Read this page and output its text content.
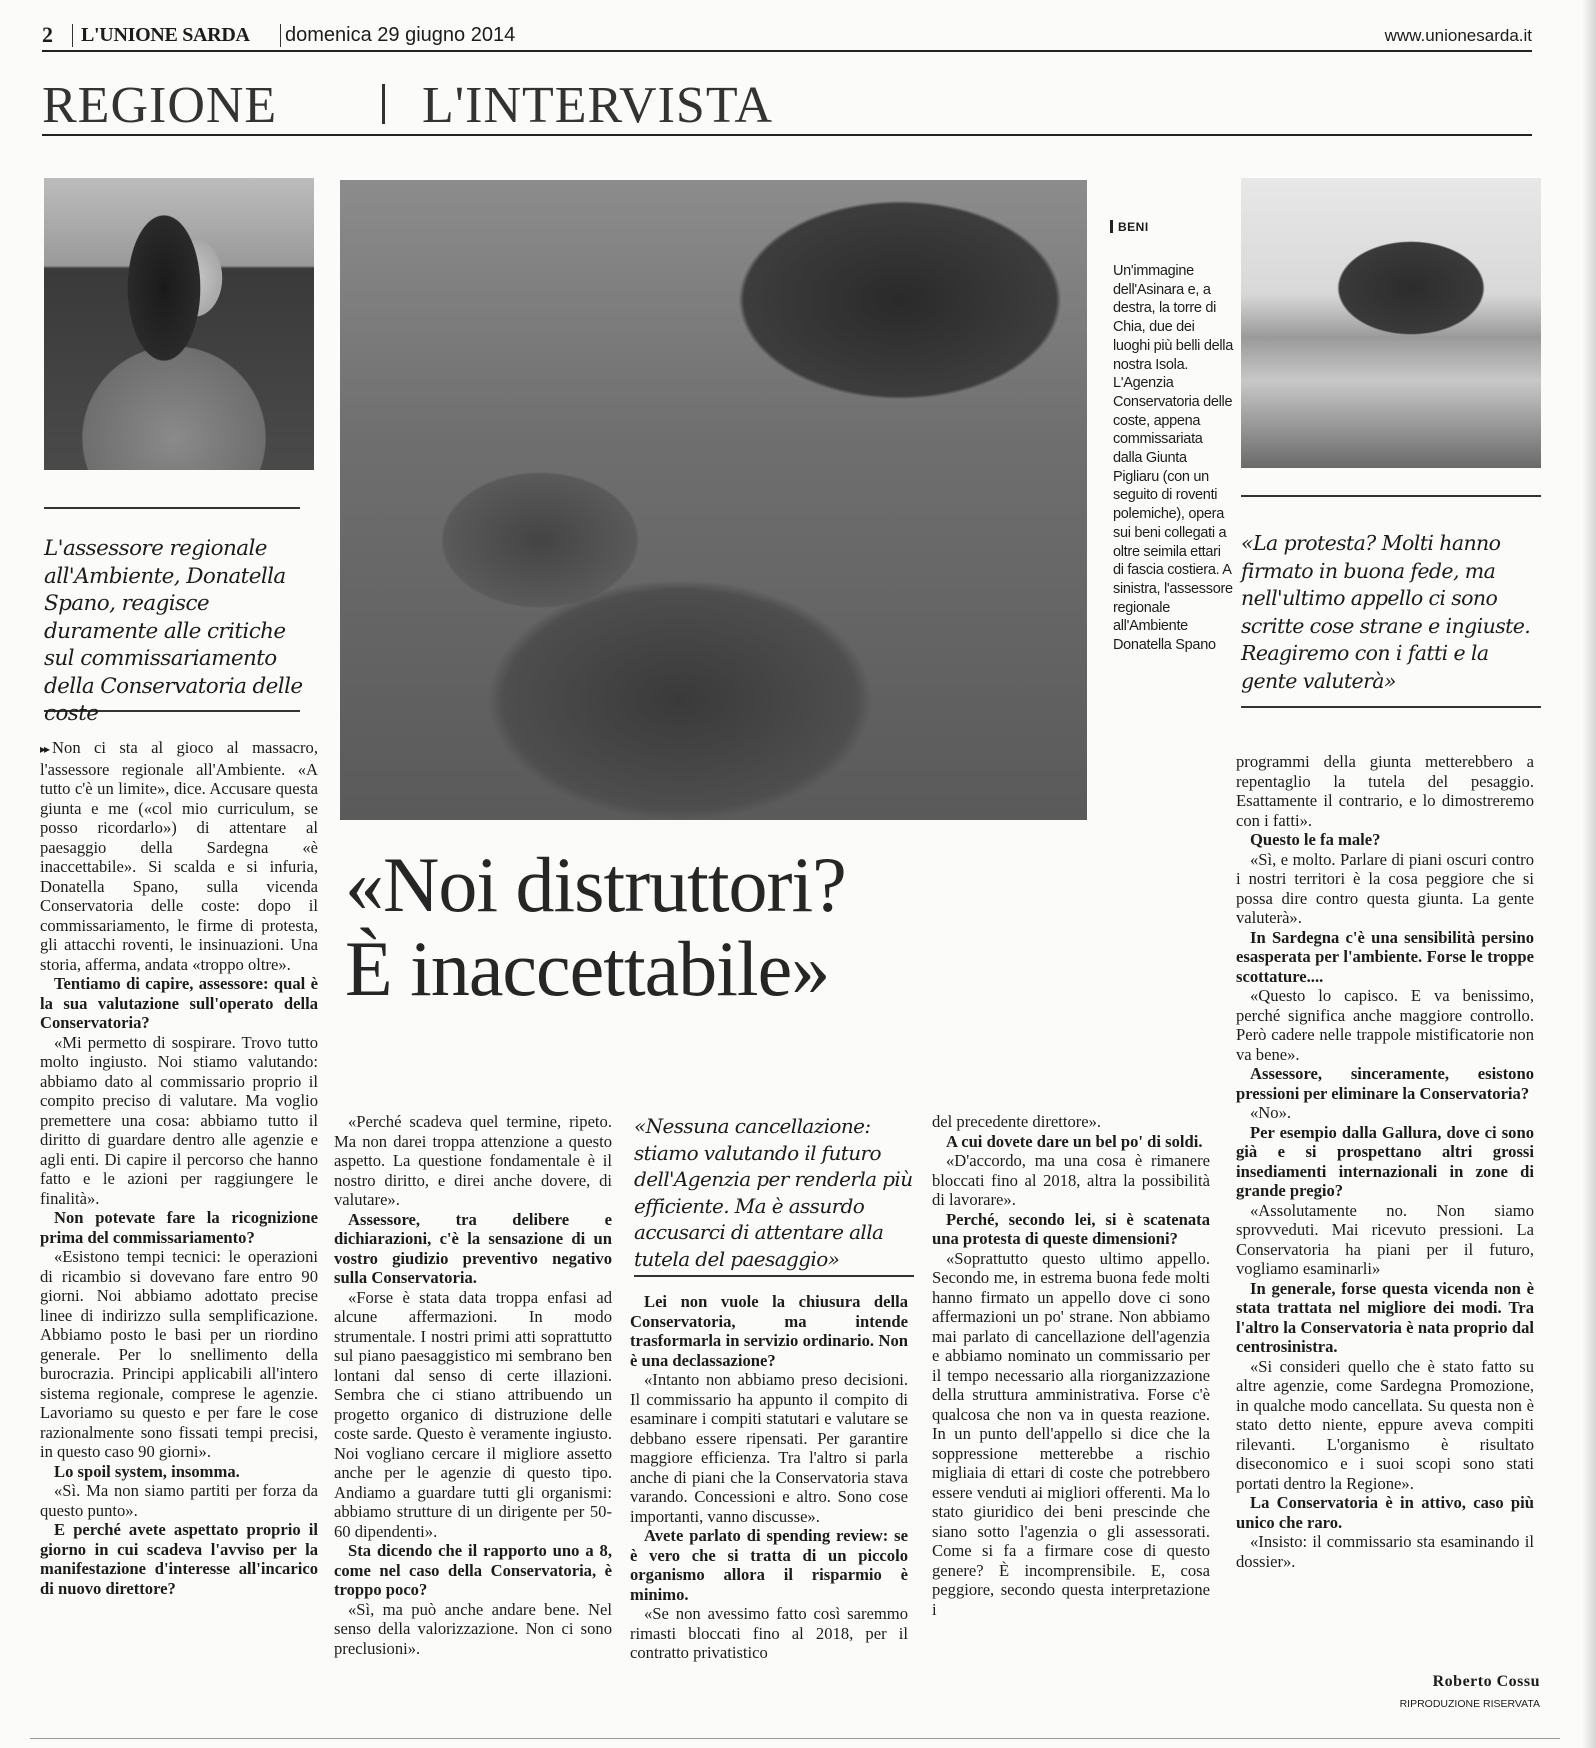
2	L'UNIONE SARDA domenica 29 giugno 2014	www.unionesarda.it
REGIONE	L'INTERVISTA
BENI
Un'immagine dell'Asinara e, a destra, la torre di Chia, due dei luoghi più belli della nostra Isola. L'Agenzia Conservatoria delle coste, appena commissariata dalla Giunta Pigliaru (con un seguito di roventi polemiche), opera sui beni collegati a oltre seimila ettari di fascia costiera. A sinistra, l'assessore regionale all'Ambiente Donatella Spano
L'assessore regionale all'Ambiente, Donatella Spano, reagisce duramente alle critiche sul commissariamento della Conservatoria delle coste
«La protesta? Molti hanno firmato in buona fede, ma nell'ultimo appello ci sono scritte cose strane e ingiuste. Reagiremo con i fatti e la gente valuterà»
«Nessuna cancellazione: stiamo valutando il futuro dell'Agenzia per renderla più efficiente. Ma è assurdo accusarci di attentare alla tutela del paesaggio»
«Noi distruttori?
È inaccettabile»

▸▸ Non ci sta al gioco al massacro, l'assessore regionale all'Ambiente. «A tutto c'è un limite», dice. Accusare questa giunta e me («col mio curriculum, se posso ricordarlo») di attentare al paesaggio della Sardegna «è inaccettabile». Si scalda e si infuria, Donatella Spano, sulla vicenda Conservatoria delle coste: dopo il commissariamento, le firme di protesta, gli attacchi roventi, le insinuazioni. Una storia, afferma, andata «troppo oltre».

Tentiamo di capire, assessore: qual è la sua valutazione sull'operato della Conservatoria?

«Mi permetto di sospirare. Trovo tutto molto ingiusto. Noi stiamo valutando: abbiamo dato al commissario proprio il compito preciso di valutare. Ma voglio premettere una cosa: abbiamo tutto il diritto di guardare dentro alle agenzie e agli enti. Di capire il percorso che hanno fatto e le azioni per raggiungere le finalità».

Non potevate fare la ricognizione prima del commissariamento?

«Esistono tempi tecnici: le operazioni di ricambio si dovevano fare entro 90 giorni. Noi abbiamo adottato precise linee di indirizzo sulla semplificazione. Abbiamo posto le basi per un riordino generale. Per lo snellimento della burocrazia. Principi applicabili all'intero sistema regionale, comprese le agenzie. Lavoriamo su questo e per fare le cose razionalmente sono fissati tempi precisi, in questo caso 90 giorni».

Lo spoil system, insomma.

«Sì. Ma non siamo partiti per forza da questo punto».

E perché avete aspettato proprio il giorno in cui scadeva l'avviso per la manifestazione d'interesse all'incarico di nuovo direttore?

«Perché scadeva quel termine, ripeto. Ma non darei troppa attenzione a questo aspetto. La questione fondamentale è il nostro diritto, e direi anche dovere, di valutare».

Assessore, tra delibere e dichiarazioni, c'è la sensazione di un vostro giudizio preventivo negativo sulla Conservatoria.

«Forse è stata data troppa enfasi ad alcune affermazioni. In modo strumentale. I nostri primi atti soprattutto sul piano paesaggistico mi sembrano ben lontani dal senso di certe illazioni. Sembra che ci stiano attribuendo un progetto organico di distruzione delle coste sarde. Questo è veramente ingiusto. Noi vogliano cercare il migliore assetto anche per le agenzie di questo tipo. Andiamo a guardare tutti gli organismi: abbiamo strutture di un dirigente per 50-60 dipendenti».

Sta dicendo che il rapporto uno a 8, come nel caso della Conservatoria, è troppo poco?

«Sì, ma può anche andare bene. Nel senso della valorizzazione. Non ci sono preclusioni».

Lei non vuole la chiusura della Conservatoria, ma intende trasformarla in servizio ordinario. Non è una declassazione?

«Intanto non abbiamo preso decisioni. Il commissario ha appunto il compito di esaminare i compiti statutari e valutare se debbano essere ripensati. Per garantire maggiore efficienza. Tra l'altro si parla anche di piani che la Conservatoria stava varando. Concessioni e altro. Sono cose importanti, vanno discusse».

Avete parlato di spending review: se è vero che si tratta di un piccolo organismo allora il risparmio è minimo.

«Se non avessimo fatto così saremmo rimasti bloccati fino al 2018, per il contratto privatistico

del precedente direttore».

A cui dovete dare un bel po' di soldi.

«D'accordo, ma una cosa è rimanere bloccati fino al 2018, altra la possibilità di lavorare».

Perché, secondo lei, si è scatenata una protesta di queste dimensioni?

«Soprattutto questo ultimo appello. Secondo me, in estrema buona fede molti hanno firmato un appello dove ci sono affermazioni un po' strane. Non abbiamo mai parlato di cancellazione dell'agenzia e abbiamo nominato un commissario per il tempo necessario alla riorganizzazione della struttura amministrativa. Forse c'è qualcosa che non va in questa reazione. In un punto dell'appello si dice che la soppressione metterebbe a rischio migliaia di ettari di coste che potrebbero essere venduti ai migliori offerenti. Ma lo stato giuridico dei beni prescinde che siano sotto l'agenzia o gli assessorati. Come si fa a firmare cose di questo genere? È incomprensibile. E, cosa peggiore, secondo questa interpretazione i

programmi della giunta metterebbero a repentaglio la tutela del pesaggio. Esattamente il contrario, e lo dimostreremo con i fatti».

Questo le fa male?

«Sì, e molto. Parlare di piani oscuri contro i nostri territori è la cosa peggiore che si possa dire contro questa giunta. La gente valuterà».

In Sardegna c'è una sensibilità persino esasperata per l'ambiente. Forse le troppe scottature....

«Questo lo capisco. E va benissimo, perché significa anche maggiore controllo. Però cadere nelle trappole mistificatorie non va bene».

Assessore, sinceramente, esistono pressioni per eliminare la Conservatoria?

«No».

Per esempio dalla Gallura, dove ci sono già e si prospettano altri grossi insediamenti internazionali in zone di grande pregio?

«Assolutamente no. Non siamo sprovveduti. Mai ricevuto pressioni. La Conservatoria ha piani per il futuro, vogliamo esaminarli»

In generale, forse questa vicenda non è stata trattata nel migliore dei modi. Tra l'altro la Conservatoria è nata proprio dal centrosinistra.

«Si consideri quello che è stato fatto su altre agenzie, come Sardegna Promozione, in qualche modo cancellata. Su questa non è stato detto niente, eppure aveva compiti rilevanti. L'organismo è risultato diseconomico e i suoi scopi sono stati portati dentro la Regione».

La Conservatoria è in attivo, caso più unico che raro.

«Insisto: il commissario sta esaminando il dossier».

Roberto Cossu
RIPRODUZIONE RISERVATA
